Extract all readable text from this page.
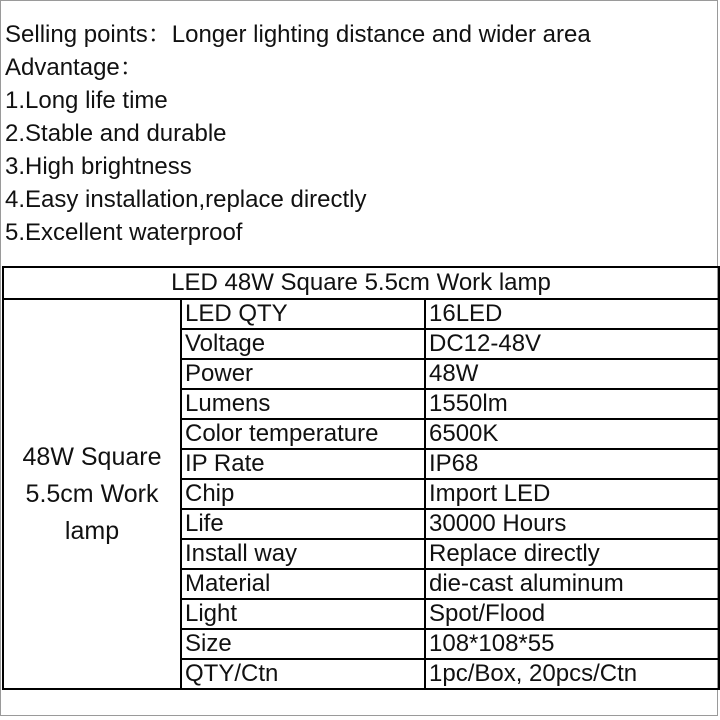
Selling points：Longer lighting distance and wider area
Advantage：
1.Long life time
2.Stable and durable
3.High brightness
4.Easy installation,replace directly
5.Excellent waterproof
LED 48W Square 5.5cm Work lamp		
48W Square 5.5cm Work lamp	LED QTY	16LED
	Voltage	DC12-48V
	Power	48W
	Lumens	1550lm
	Color temperature	6500K
	IP Rate	IP68
	Chip	Import LED
	Life	30000 Hours
	Install way	Replace directly
	Material	die-cast aluminum
	Light	Spot/Flood
	Size	108*108*55
	QTY/Ctn	1pc/Box, 20pcs/Ctn
